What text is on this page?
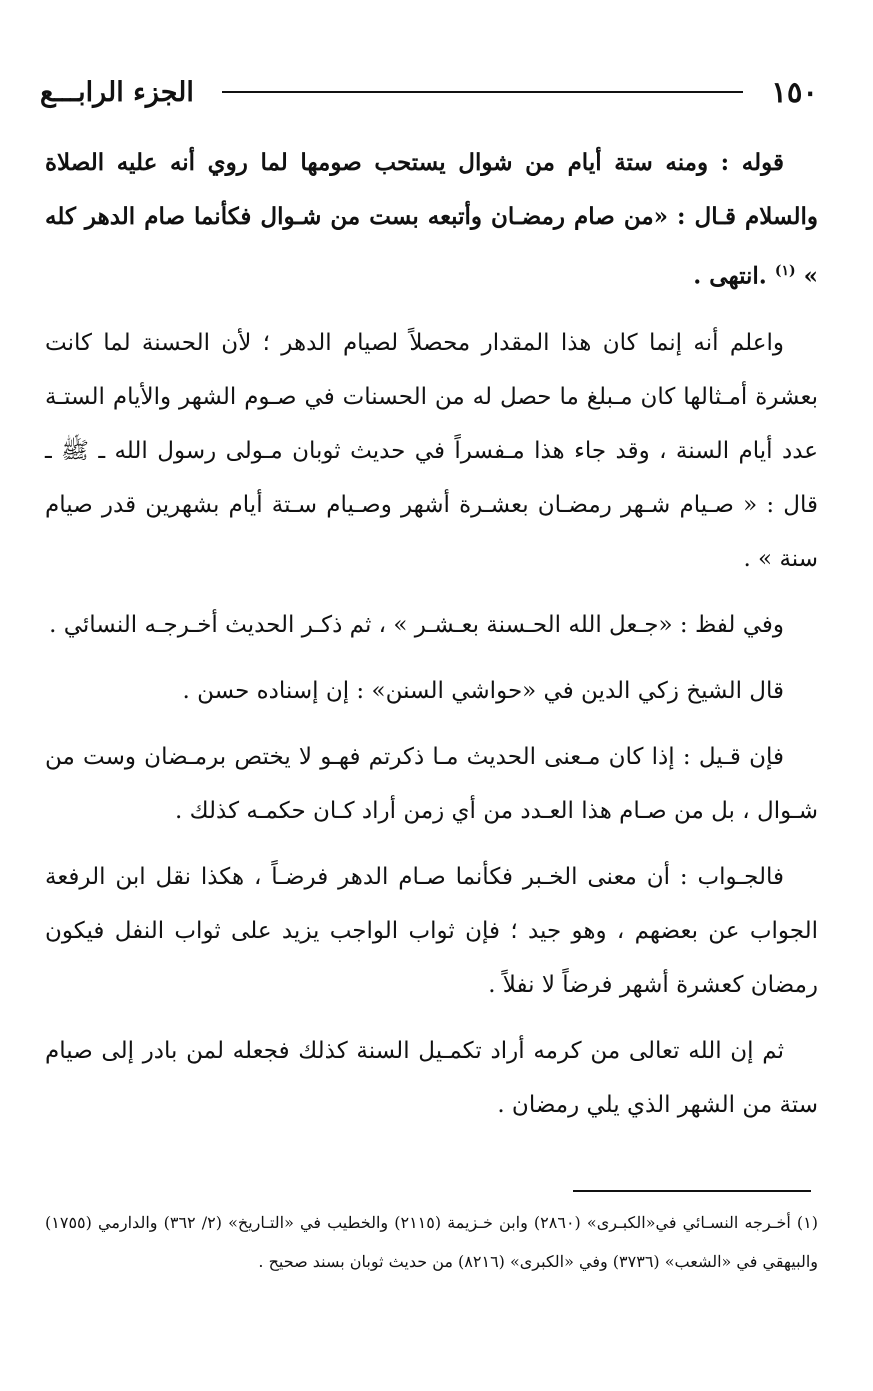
١٥٠
الجزء الرابـــع

قوله : ومنه ستة أيام من شوال يستحب صومها لما روي أنه عليه الصلاة والسلام قـال : «من صام رمضـان وأتبعه بست من شـوال فكأنما صام الدهر كله » $^{(١)}$ .انتهى .

واعلم أنه إنما كان هذا المقدار محصلاً لصيام الدهر ؛ لأن الحسنة لما كانت بعشرة أمـثالها كان مـبلغ ما حصل له من الحسنات في صـوم الشهر والأيام الستـة عدد أيام السنة ، وقد جاء هذا مـفسراً في حديث ثوبان مـولى رسول الله ـ ﷺ ـ قال : « صـيام شـهر رمضـان بعشـرة أشهر وصـيام سـتة أيام بشهرين قدر صيام سنة » .

وفي لفظ : «جـعل الله الحـسنة بعـشـر » ، ثم ذكـر الحديث أخـرجـه النسائي .

قال الشيخ زكي الدين في «حواشي السنن» : إن إسناده حسن .

فإن قـيل : إذا كان مـعنى الحديث مـا ذكرتم فهـو لا يختص برمـضان وست من شـوال ، بل من صـام هذا العـدد من أي زمن أراد كـان حكمـه كذلك .

فالجـواب : أن معنى الخـبر فكأنما صـام الدهر فرضـاً ، هكذا نقل ابن الرفعة الجواب عن بعضهم ، وهو جيد ؛ فإن ثواب الواجب يزيد على ثواب النفل فيكون رمضان كعشرة أشهر فرضاً لا نفلاً .

ثم إن الله تعالى من كرمه أراد تكمـيل السنة كذلك فجعله لمن بادر إلى صيام ستة من الشهر الذي يلي رمضان .

(١) أخـرجه النسـائي في«الكبـرى» (٢٨٦٠) وابن خـزيمة (٢١١٥) والخطيب في «التـاريخ» (٢/ ٣٦٢) والدارمي (١٧٥٥) والبيهقي في «الشعب» (٣٧٣٦) وفي «الكبرى» (٨٢١٦) من حديث ثوبان بسند صحيح .
